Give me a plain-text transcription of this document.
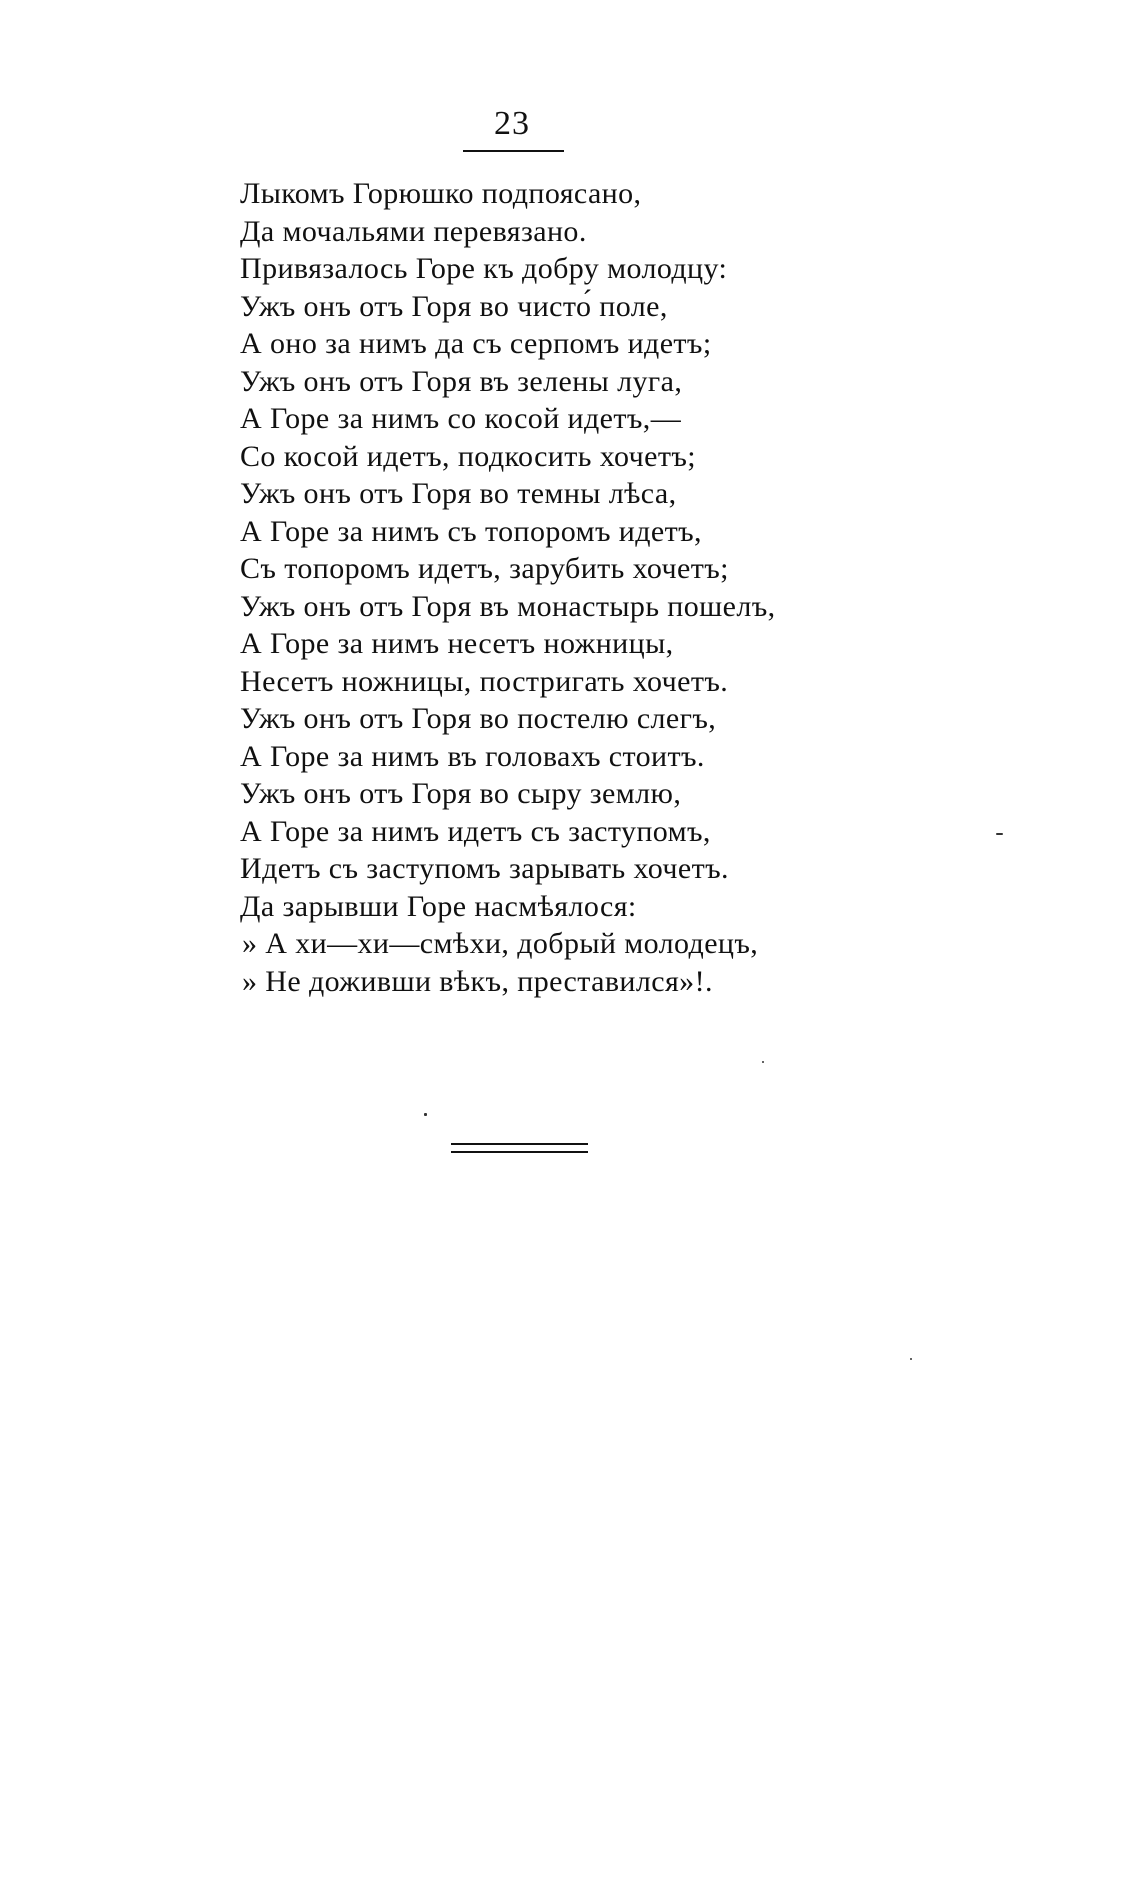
23
Лыкомъ Горюшко подпоясано,
Да мочальями перевязано.
Привязалось Горе къ добру молодцу:
Ужъ онъ отъ Горя во чисто́ поле,
А оно за нимъ да съ серпомъ идетъ;
Ужъ онъ отъ Горя въ зелены луга,
А Горе за нимъ со косой идетъ,—
Со косой идетъ, подкосить хочетъ;
Ужъ онъ отъ Горя во темны лѣса,
А Горе за нимъ съ топоромъ идетъ,
Съ топоромъ идетъ, зарубить хочетъ;
Ужъ онъ отъ Горя въ монастырь пошелъ,
А Горе за нимъ несетъ ножницы,
Несетъ ножницы, постригать хочетъ.
Ужъ онъ отъ Горя во постелю слегъ,
А Горе за нимъ въ головахъ стоитъ.
Ужъ онъ отъ Горя во сыру землю,
А Горе за нимъ идетъ съ заступомъ,
Идетъ съ заступомъ зарывать хочетъ.
Да зарывши Горе насмѣялося:
» А хи—хи—смѣхи, добрый молодецъ,
» Не доживши вѣкъ, преставился»!.
